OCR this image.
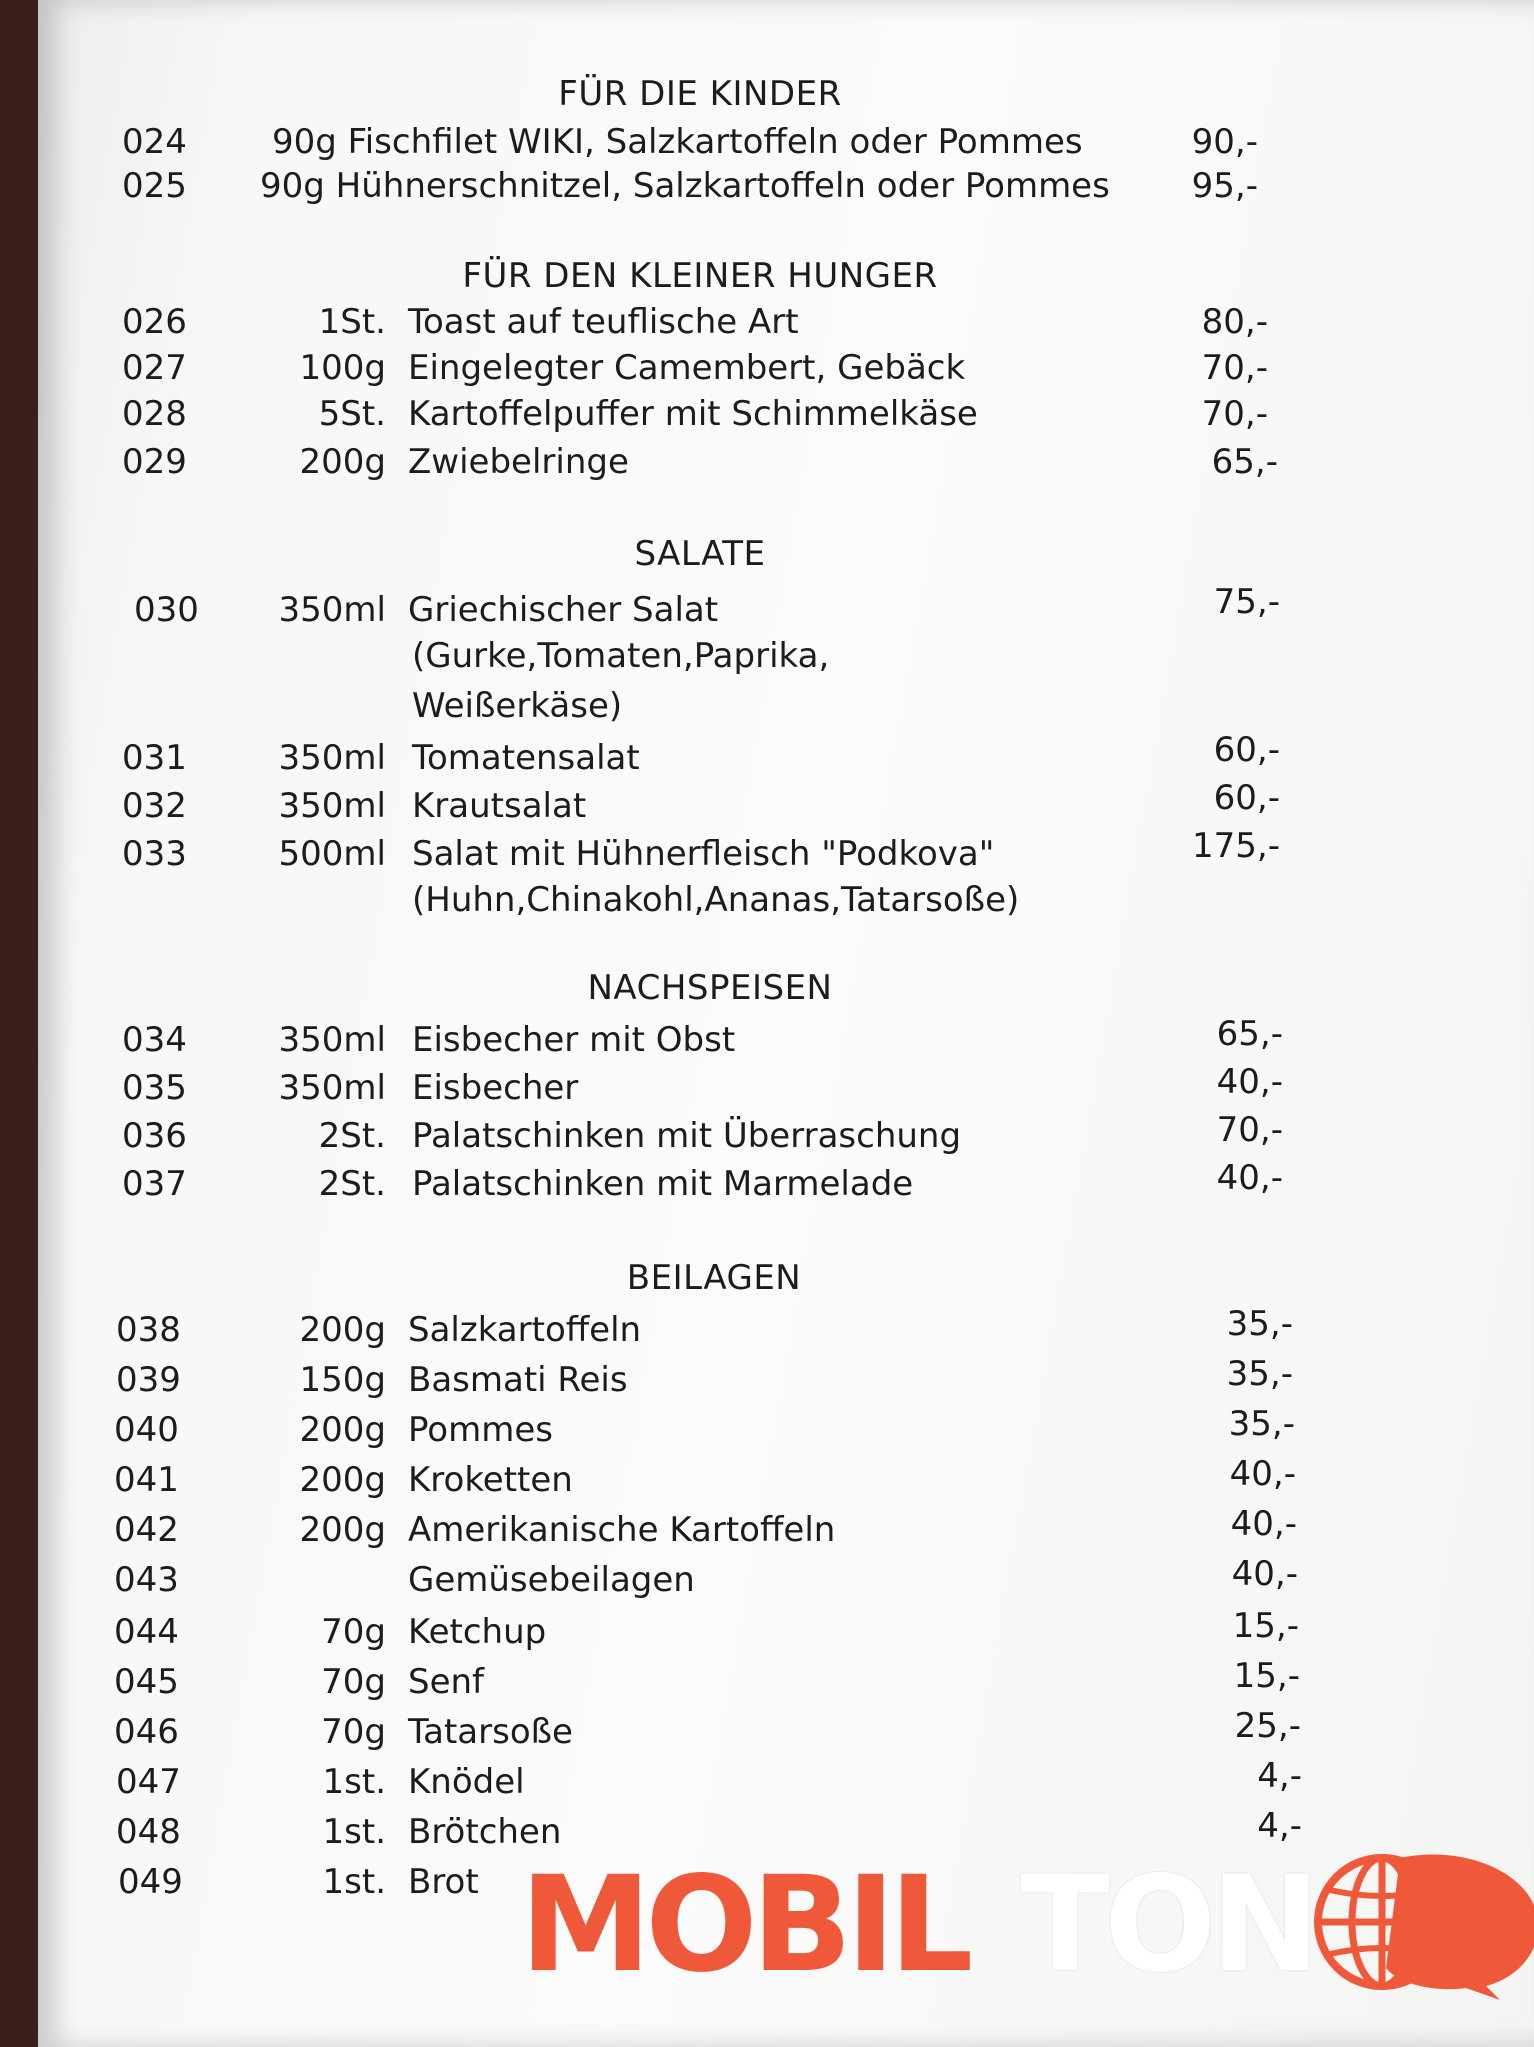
FÜR DIE KINDER
024	90g Fischfilet WIKI, Salzkartoffeln oder Pommes	90,-
025 90g Hühnerschnitzel, Salzkartoffeln oder Pommes	95,-
FÜR DEN KLEINER HUNGER
026	1St. Toast auf teuflische Art	80,-
027	100g Eingelegter Camembert, Gebäck	70,-
028	5St. Kartoffelpuffer mit Schimmelkäse	70,-
029	200g Zwiebelringe	65,-
SALATE
030	350ml Griechischer Salat	75,-
(Gurke,Tomaten,Paprika,
Weißerkäse)
031	350ml Tomatensalat	60,-
032	350ml Krautsalat	60,-
033	500ml Salat mit Hühnerfleisch "Podkova"	175,-
(Huhn,Chinakohl,Ananas,Tatarsoße)
NACHSPEISEN
034	350ml Eisbecher mit Obst	65,-
035	350ml Eisbecher	40,-
036	2St. Palatschinken mit Überraschung	70,-
037	2St. Palatschinken mit Marmelade	40,-
BEILAGEN
038	200g Salzkartoffeln	35,-
039	150g Basmati Reis	35,-
040	200g Pommes	35,-
041	200g Kroketten	40,-
042	200g Amerikanische Kartoffeln	40,-
043	Gemüsebeilagen	40,-
044	70g Ketchup	15,-
045	70g Senf	15,-
046	70g Tatarsoße	25,-
047	1st. Knödel	4,-
048	1st. Brötchen	4,-
049	1st. Brot MOBIL TON
